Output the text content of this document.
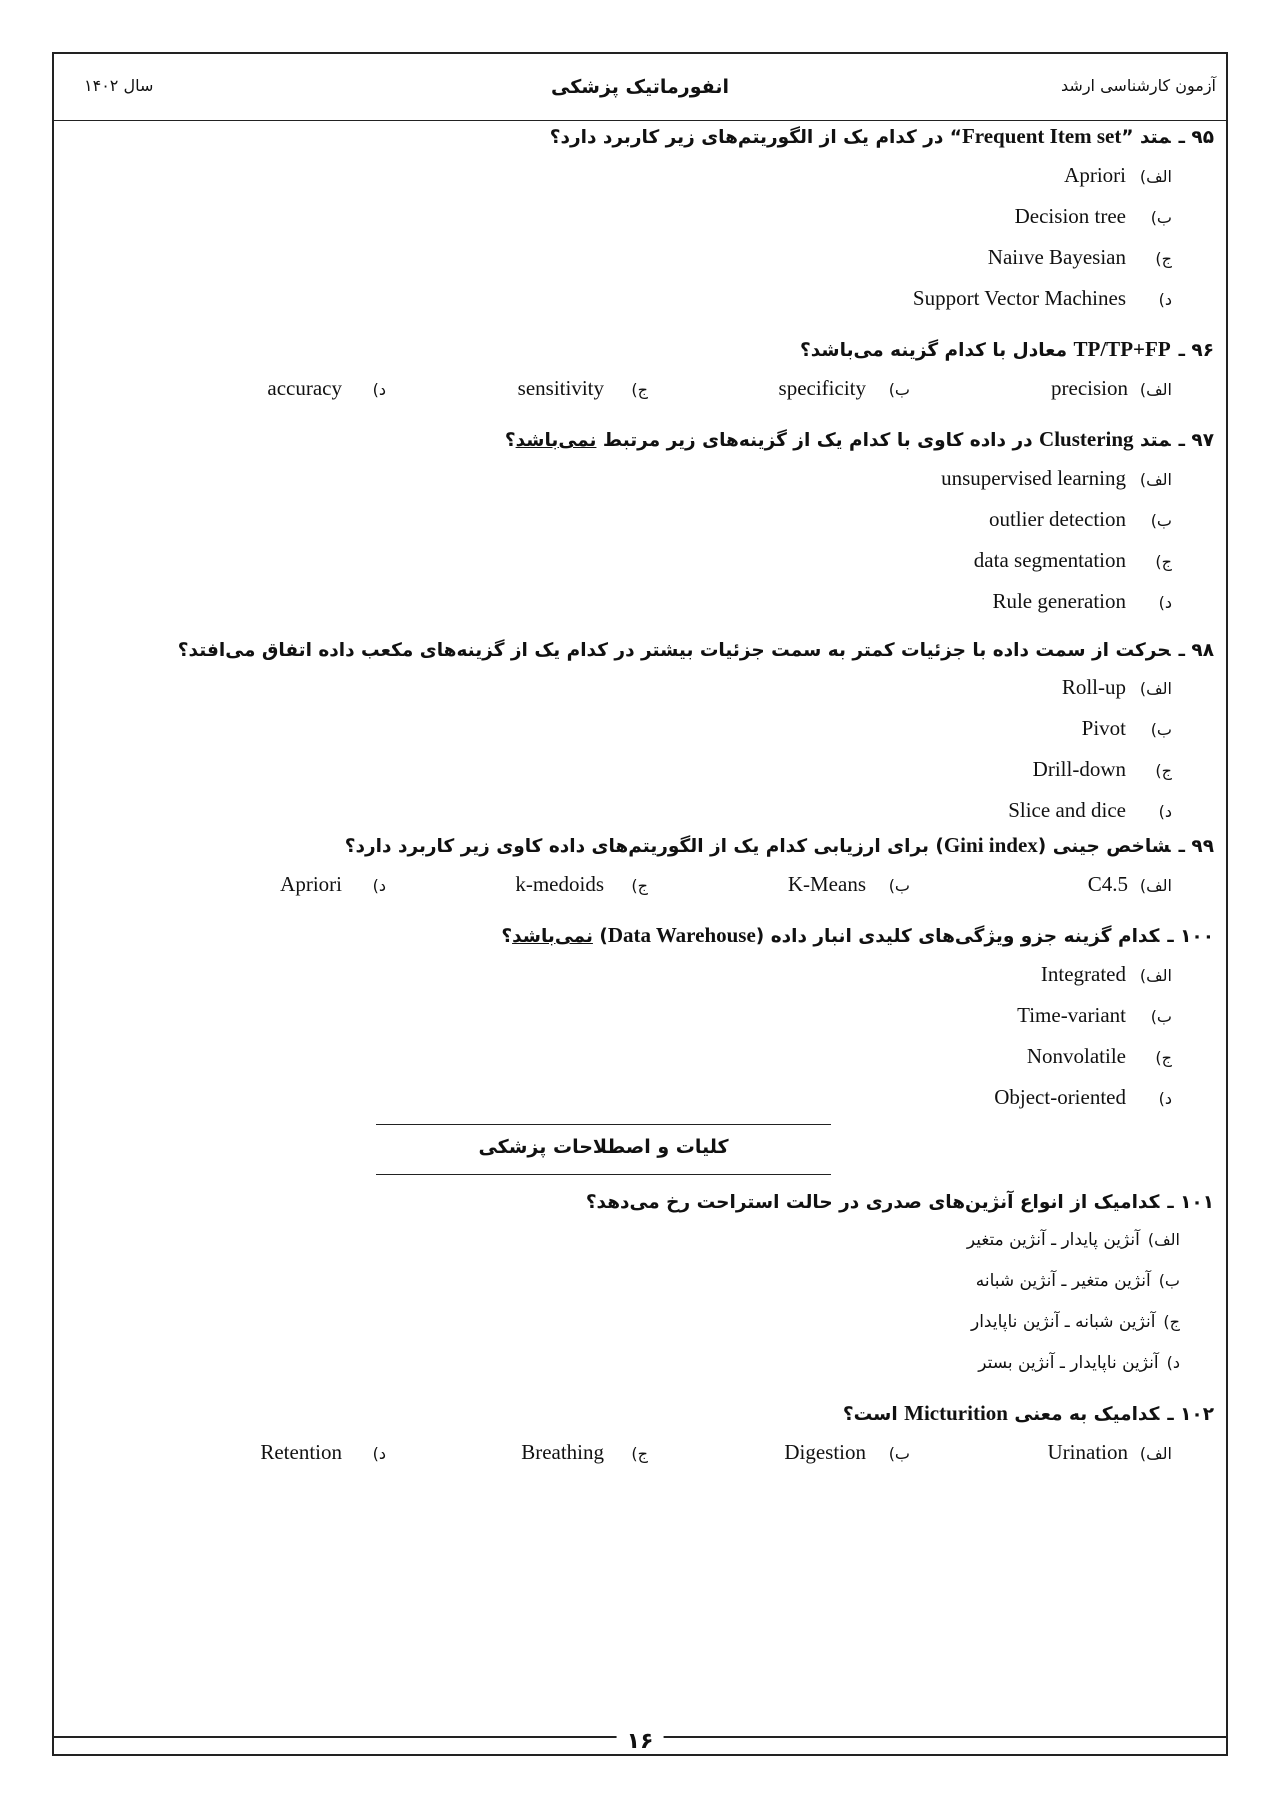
آزمون کارشناسی ارشد
انفورماتیک پزشکی
سال ۱۴۰۲
۹۵ ـمتد ”Frequent Item set“ در کدام یک از الگوریتم‌های زیر کاربرد دارد؟
الف)Apriori
ب)Decision tree
ج)Naiıve Bayesian
د)Support Vector Machines
۹۶ ـTP/TP+FP معادل با کدام گزینه می‌باشد؟
الف)precision
ب)specificity
ج)sensitivity
د)accuracy
۹۷ ـمتد Clustering در داده کاوی با کدام یک از گزینه‌های زیر مرتبط نمی‌باشد؟
الف)unsupervised learning
ب)outlier detection
ج)data segmentation
د)Rule generation
۹۸ ـحرکت از سمت داده با جزئیات کمتر به سمت جزئیات بیشتر در کدام یک از گزینه‌های مکعب داده اتفاق می‌افتد؟
الف)Roll-up
ب)Pivot
ج)Drill-down
د)Slice and dice
۹۹ ـشاخص جینی (Gini index) برای ارزیابی کدام یک از الگوریتم‌های داده کاوی زیر کاربرد دارد؟
الف)C4.5
ب)K-Means
ج)k-medoids
د)Apriori
۱۰۰ ـکدام گزینه جزو ویژگی‌های کلیدی انبار داده (Data Warehouse) نمی‌باشد؟
الف)Integrated
ب)Time-variant
ج)Nonvolatile
د)Object-oriented
کلیات و اصطلاحات پزشکی
۱۰۱ ـکدامیک از انواع آنژین‌های صدری در حالت استراحت رخ می‌دهد؟
الف)آنژین پایدار ـ آنژین متغیر
ب)آنژین متغیر ـ آنژین شبانه
ج)آنژین شبانه ـ آنژین ناپایدار
د)آنژین ناپایدار ـ آنژین بستر
۱۰۲ ـکدامیک به معنی Micturition است؟
الف)Urination
ب)Digestion
ج)Breathing
د)Retention
۱۶
